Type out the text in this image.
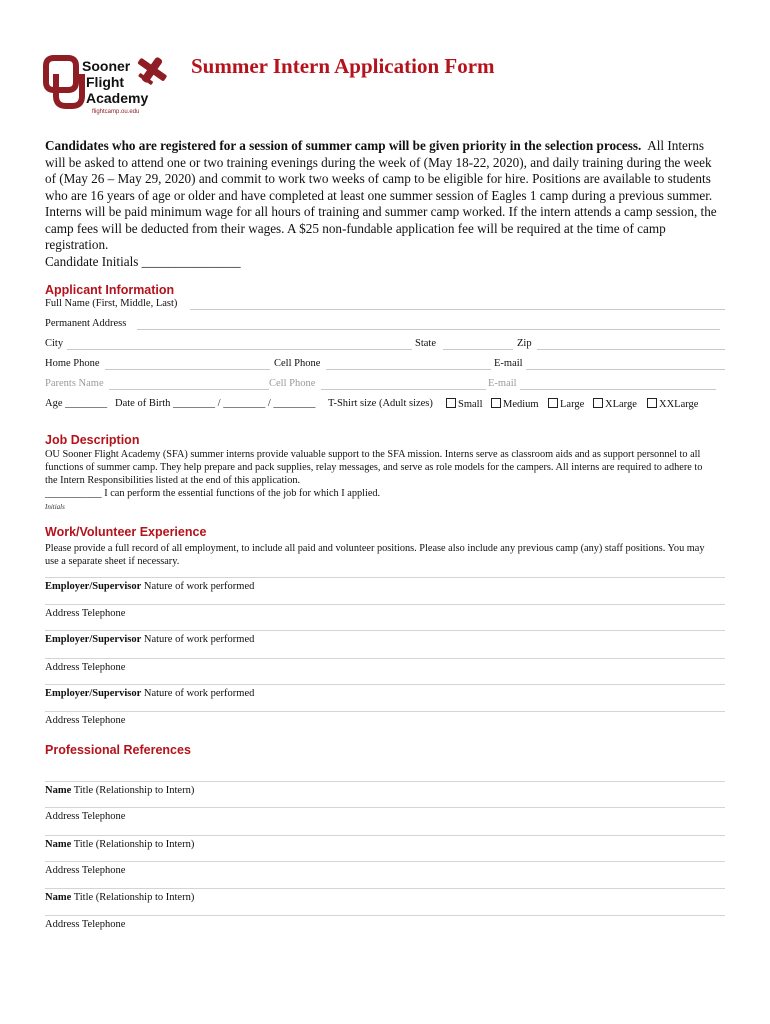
Sooner
Flight
Academy
flightcamp.ou.edu
Summer Intern Application Form

Candidates who are registered for a session of summer camp will be given priority in the selection process. All Interns will be asked to attend one or two training evenings during the week of (May 18-22, 2020), and daily training during the week of (May 26 – May 29, 2020) and commit to work two weeks of camp to be eligible for hire. Positions are available to students who are 16 years of age or older and have completed at least one summer session of Eagles 1 camp during a previous summer. Interns will be paid minimum wage for all hours of training and summer camp worked. If the intern attends a camp session, the camp fees will be deducted from their wages. A $25 non-fundable application fee will be required at the time of camp registration.

Candidate Initials _______________

Applicant Information
Full Name (First, Middle, Last)
Permanent Address
City	State	Zip
Home Phone	Cell Phone	E-mail
Parents Name	Cell Phone	E-mail
Age ________ Date of Birth ________ / ________ / ________ T-Shirt size (Adult sizes)	Small	Medium	Large	XLarge	XXLarge
Job Description

OU Sooner Flight Academy (SFA) summer interns provide valuable support to the SFA mission. Interns serve as classroom aids and as support personnel to all functions of summer camp. They help prepare and pack supplies, relay messages, and serve as role models for the campers. All interns are required to adhere to the Intern Responsibilities listed at the end of this application.

___________ I can perform the essential functions of the job for which I applied.

Initials
Work/Volunteer Experience
Please provide a full record of all employment, to include all paid and volunteer positions. Please also include any previous camp (any) staff positions. You may use a separate sheet if necessary.
Employer/Supervisor Nature of work performed
Address Telephone
Employer/Supervisor Nature of work performed
Address Telephone
Employer/Supervisor Nature of work performed
Address Telephone
Professional References
Name Title (Relationship to Intern)
Address Telephone
Name Title (Relationship to Intern)
Address Telephone
Name Title (Relationship to Intern)
Address Telephone
